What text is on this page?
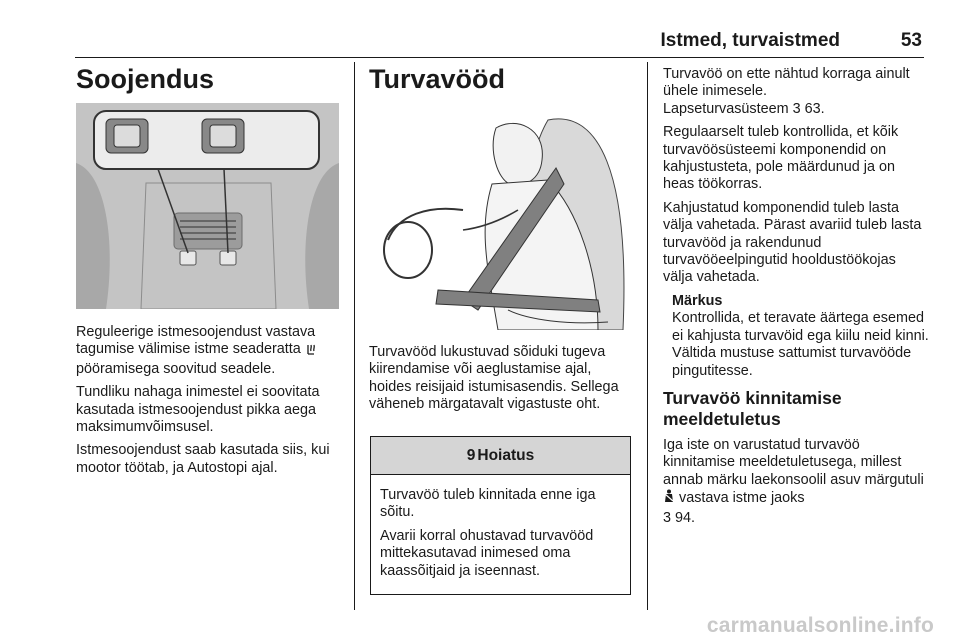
Istmed, turvaistmed	53
Soojendus

Reguleerige istmesoojendust vastava tagumise välimise istme seaderatta  pööramisega soovitud seadele.

Tundliku nahaga inimestel ei soovitata kasutada istmesoojendust pikka aega maksimumvõimsusel.

Istmesoojendust saab kasutada siis, kui mootor töötab, ja Autostopi ajal.

Turvavööd

Turvavööd lukustuvad sõiduki tugeva kiirendamise või aeglustamise ajal, hoides reisijaid istumisasendis. Sellega väheneb märgatavalt vigastuste oht.

9 Hoiatus

Turvavöö tuleb kinnitada enne iga sõitu.

Avarii korral ohustavad turvavööd mittekasutavad inimesed oma kaassõitjaid ja iseennast.

Turvavöö on ette nähtud korraga ainult ühele inimesele.

Lapseturvasüsteem 3 63.

Regulaarselt tuleb kontrollida, et kõik turvavöösüsteemi komponendid on kahjustusteta, pole määrdunud ja on heas töökorras.

Kahjustatud komponendid tuleb lasta välja vahetada. Pärast avariid tuleb lasta turvavööd ja rakendunud turvavööeelpingutid hooldustöökojas välja vahetada.

Märkus
Kontrollida, et teravate äärtega esemed ei kahjusta turvavöid ega kiilu neid kinni. Vältida mustuse sattumist turvavööde pingutitesse.
Turvavöö kinnitamise
meeldetuletus

Iga iste on varustatud turvavöö kinnitamise meeldetuletusega, millest annab märku laekonsoolil asuv märgutuli  vastava istme jaoks
3 94.

carmanualsonline.info
